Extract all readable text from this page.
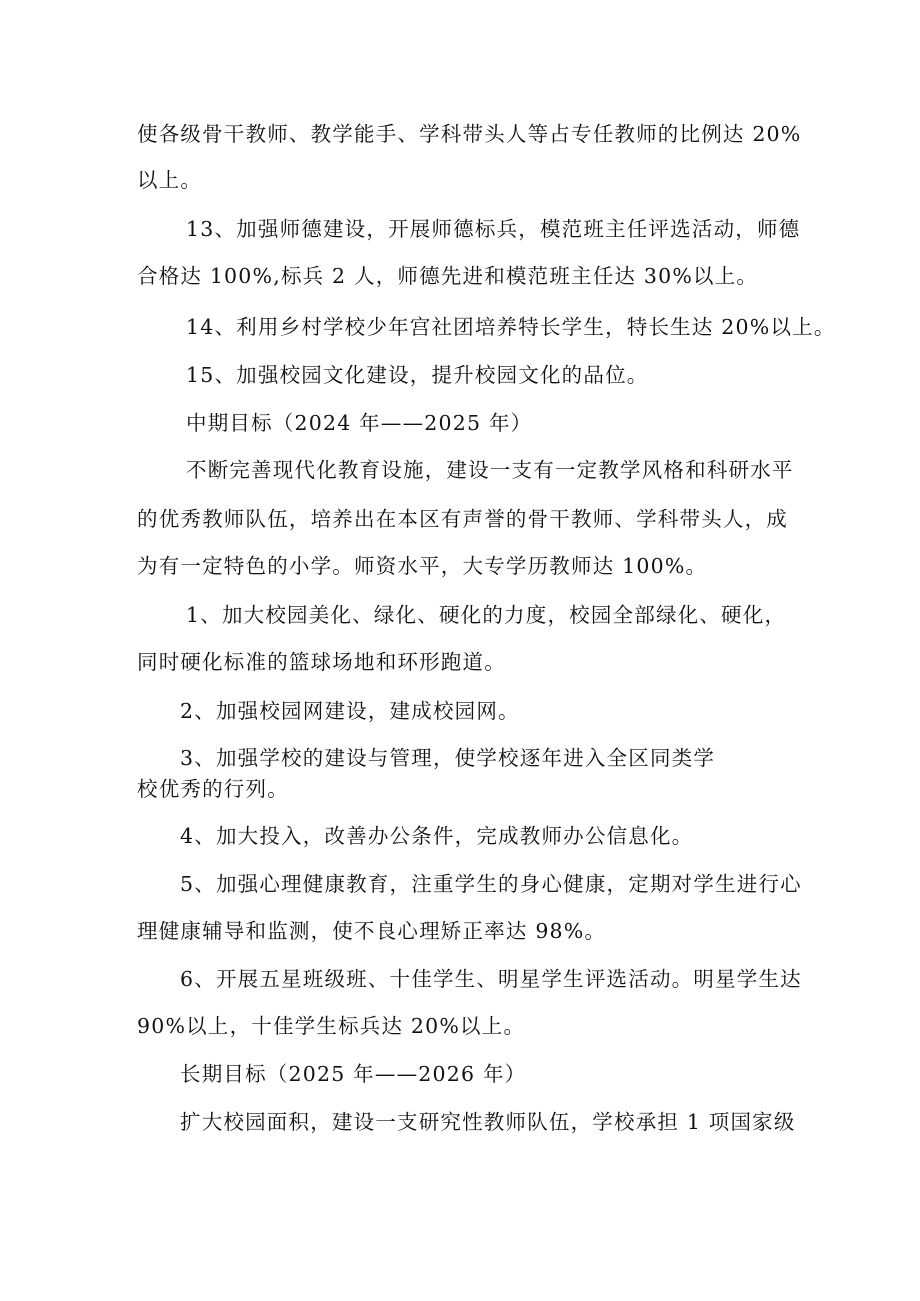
使各级骨干教师、教学能手、学科带头人等占专任教师的比例达 20%
以上。
13、加强师德建设，开展师德标兵，模范班主任评选活动，师德
合格达 100%,标兵 2 人，师德先进和模范班主任达 30%以上。
14、利用乡村学校少年宫社团培养特长学生，特长生达 20%以上。
15、加强校园文化建设，提升校园文化的品位。
中期目标（2024 年——2025 年）
不断完善现代化教育设施，建设一支有一定教学风格和科研水平
的优秀教师队伍，培养出在本区有声誉的骨干教师、学科带头人，成
为有一定特色的小学。师资水平，大专学历教师达 100%。
1、加大校园美化、绿化、硬化的力度，校园全部绿化、硬化，
同时硬化标准的篮球场地和环形跑道。
2、加强校园网建设，建成校园网。
3、加强学校的建设与管理，使学校逐年进入全区同类学
校优秀的行列。
4、加大投入，改善办公条件，完成教师办公信息化。
5、加强心理健康教育，注重学生的身心健康，定期对学生进行心
理健康辅导和监测，使不良心理矫正率达 98%。
6、开展五星班级班、十佳学生、明星学生评选活动。明星学生达
90%以上，十佳学生标兵达 20%以上。
长期目标（2025 年——2026 年）
扩大校园面积，建设一支研究性教师队伍，学校承担 1 项国家级
